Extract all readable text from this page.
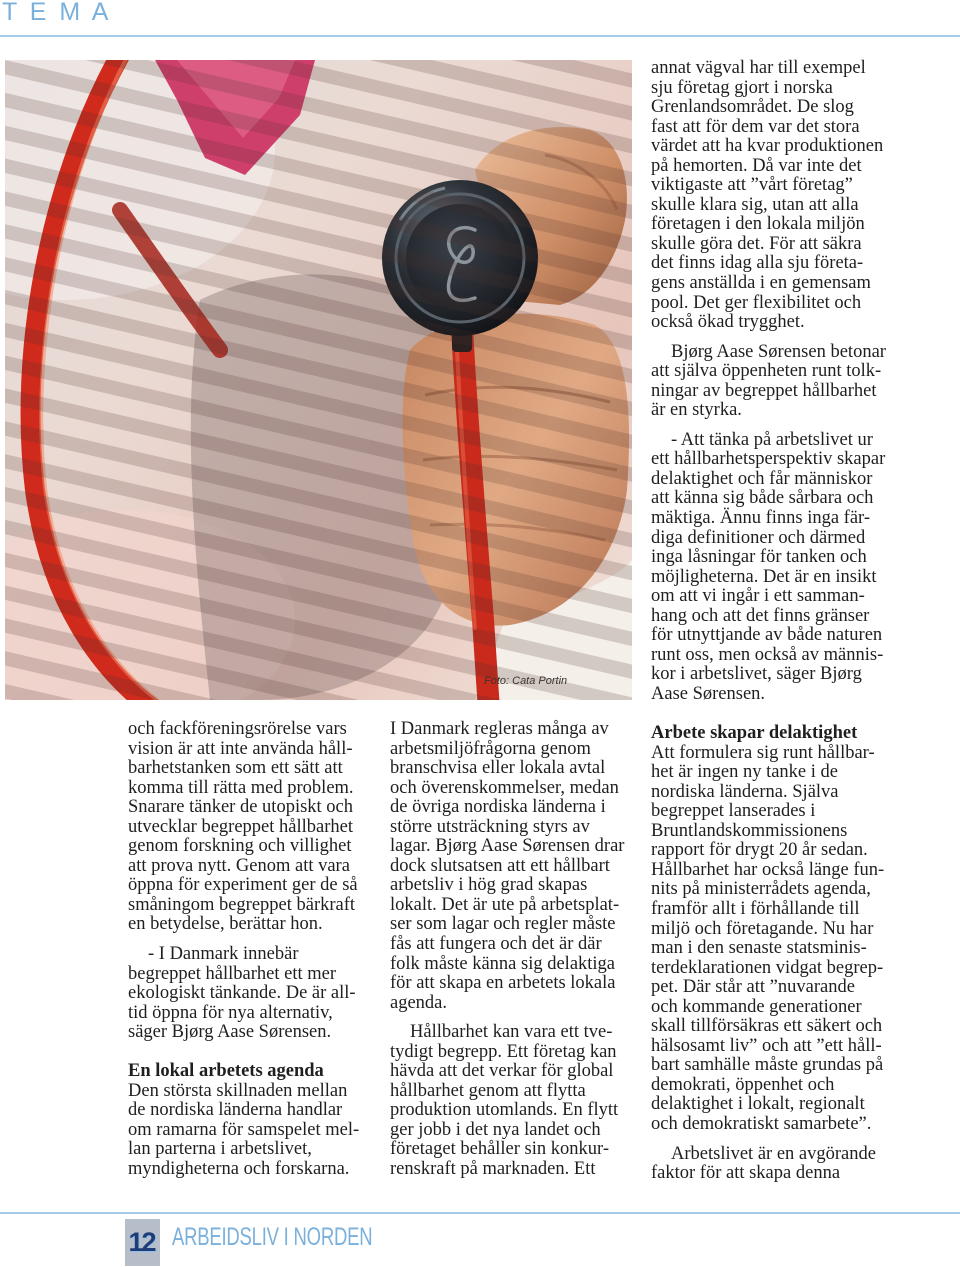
T E M A
Foto: Cata Portin

och fackföreningsrörelse vars
vision är att inte använda håll-
barhetstanken som ett sätt att
komma till rätta med problem.
Snarare tänker de utopiskt och
utvecklar begreppet hållbarhet
genom forskning och villighet
att prova nytt. Genom att vara
öppna för experiment ger de så
småningom begreppet bärkraft
en betydelse, berättar hon.

- I Danmark innebär
begreppet hållbarhet ett mer
ekologiskt tänkande. De är all-
tid öppna för nya alternativ,
säger Bjørg Aase Sørensen.

En lokal arbetets agenda

Den största skillnaden mellan
de nordiska länderna handlar
om ramarna för samspelet mel-
lan parterna i arbetslivet,
myndigheterna och forskarna.

I Danmark regleras många av
arbetsmiljöfrågorna genom
branschvisa eller lokala avtal
och överenskommelser, medan
de övriga nordiska länderna i
större utsträckning styrs av
lagar. Bjørg Aase Sørensen drar
dock slutsatsen att ett hållbart
arbetsliv i hög grad skapas
lokalt. Det är ute på arbetsplat-
ser som lagar och regler måste
fås att fungera och det är där
folk måste känna sig delaktiga
för att skapa en arbetets lokala
agenda.

Hållbarhet kan vara ett tve-
tydigt begrepp. Ett företag kan
hävda att det verkar för global
hållbarhet genom att flytta
produktion utomlands. En flytt
ger jobb i det nya landet och
företaget behåller sin konkur-
renskraft på marknaden. Ett

annat vägval har till exempel
sju företag gjort i norska
Grenlandsområdet. De slog
fast att för dem var det stora
värdet att ha kvar produktionen
på hemorten. Då var inte det
viktigaste att ”vårt företag”
skulle klara sig, utan att alla
företagen i den lokala miljön
skulle göra det. För att säkra
det finns idag alla sju företa-
gens anställda i en gemensam
pool. Det ger flexibilitet och
också ökad trygghet.

Bjørg Aase Sørensen betonar
att själva öppenheten runt tolk-
ningar av begreppet hållbarhet
är en styrka.

- Att tänka på arbetslivet ur
ett hållbarhetsperspektiv skapar
delaktighet och får människor
att känna sig både sårbara och
mäktiga. Ännu finns inga fär-
diga definitioner och därmed
inga låsningar för tanken och
möjligheterna. Det är en insikt
om att vi ingår i ett samman-
hang och att det finns gränser
för utnyttjande av både naturen
runt oss, men också av männis-
kor i arbetslivet, säger Bjørg
Aase Sørensen.

Arbete skapar delaktighet

Att formulera sig runt hållbar-
het är ingen ny tanke i de
nordiska länderna. Själva
begreppet lanserades i
Bruntlandskommissionens
rapport för drygt 20 år sedan.
Hållbarhet har också länge fun-
nits på ministerrådets agenda,
framför allt i förhållande till
miljö och företagande. Nu har
man i den senaste statsminis-
terdeklarationen vidgat begrep-
pet. Där står att ”nuvarande
och kommande generationer
skall tillförsäkras ett säkert och
hälsosamt liv” och att ”ett håll-
bart samhälle måste grundas på
demokrati, öppenhet och
delaktighet i lokalt, regionalt
och demokratiskt samarbete”.

Arbetslivet är en avgörande
faktor för att skapa denna

12 ARBEIDSLIV I NORDEN
